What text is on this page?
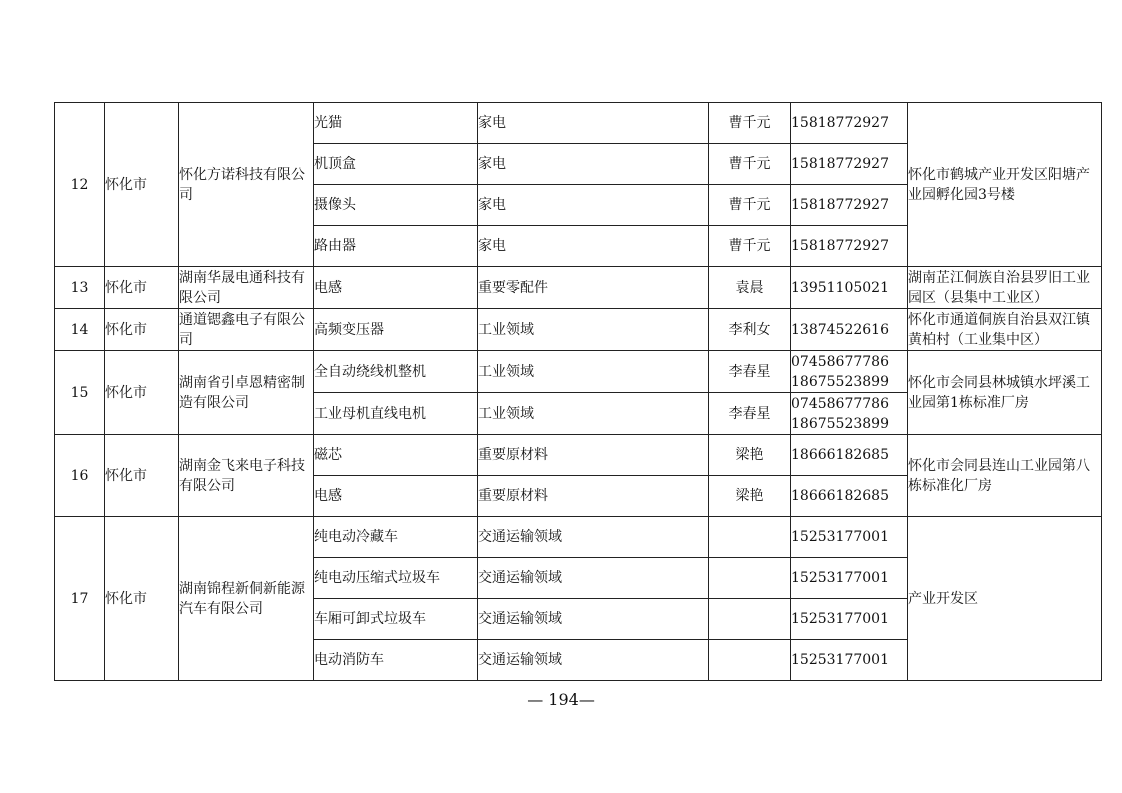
12	怀化市	怀化方诺科技有限公司	光猫	家电	曹千元	15818772927	怀化市鹤城产业开发区阳塘产业园孵化园3号楼
			机顶盒	家电	曹千元	15818772927	
			摄像头	家电	曹千元	15818772927	
			路由器	家电	曹千元	15818772927	
13	怀化市	湖南华晟电通科技有限公司	电感	重要零配件	袁晨	13951105021	湖南芷江侗族自治县罗旧工业园区（县集中工业区）
14	怀化市	通道锶鑫电子有限公司	高频变压器	工业领域	李利女	13874522616	怀化市通道侗族自治县双江镇黄柏村（工业集中区）
15	怀化市	湖南省引卓恩精密制造有限公司	全自动绕线机整机	工业领域	李春星	07458677786
18675523899	怀化市会同县林城镇水坪溪工业园第1栋标准厂房
			工业母机直线电机	工业领域	李春星	07458677786
18675523899	

16	怀化市	湖南金飞来电子科技有限公司	磁芯	重要原材料	梁艳	18666182685	怀化市会同县连山工业园第八栋标准化厂房
			电感	重要原材料	梁艳	18666182685	
17	怀化市	湖南锦程新侗新能源汽车有限公司	纯电动冷藏车	交通运输领域		15253177001	产业开发区
			纯电动压缩式垃圾车	交通运输领域		15253177001	
			车厢可卸式垃圾车	交通运输领域		15253177001	
			电动消防车	交通运输领域		15253177001	
— 194—
